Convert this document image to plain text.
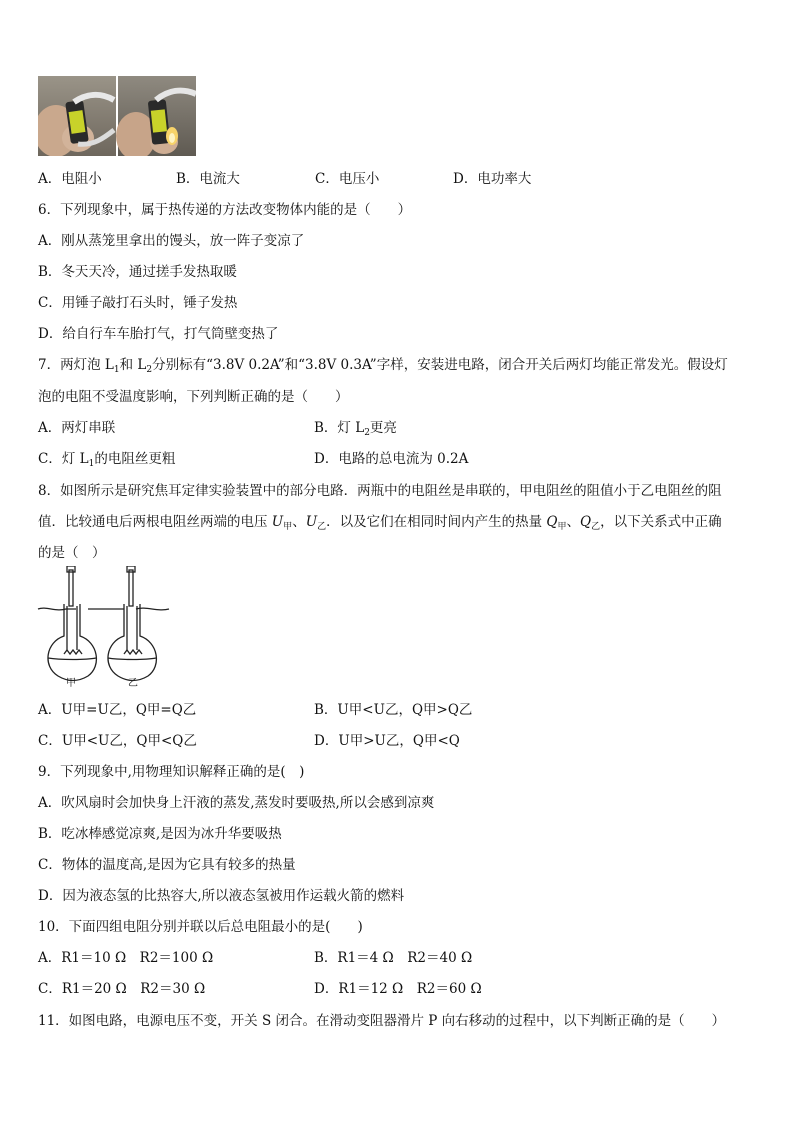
A．电阻小	B．电流大	C．电压小	D．电功率大
6．下列现象中，属于热传递的方法改变物体内能的是（　　）
A．刚从蒸笼里拿出的馒头，放一阵子变凉了
B．冬天天冷，通过搓手发热取暖
C．用锤子敲打石头时，锤子发热
D．给自行车车胎打气，打气筒壁变热了
7．两灯泡 $L_1$和 $L_2$分别标有“3.8V 0.2A”和“3.8V 0.3A”字样，安装进电路，闭合开关后两灯均能正常发光。假设灯
泡的电阻不受温度影响，下列判断正确的是（　　）
A．两灯串联	B．灯 $L_2$更亮
C．灯 $L_1$的电阻丝更粗	D．电路的总电流为 0.2A
8．如图所示是研究焦耳定律实验装置中的部分电路．两瓶中的电阻丝是串联的，甲电阻丝的阻值小于乙电阻丝的阻
值．比较通电后两根电阻丝两端的电压 $U_甲$、$U_乙$．以及它们在相同时间内产生的热量 $Q_甲$、$Q_乙$，以下关系式中正确
的是（　）
甲	乙
A．U甲=U乙，Q甲=Q乙	B．U甲<U乙，Q甲>Q乙
C．U甲<U乙，Q甲<Q乙	D．U甲>U乙，Q甲<Q
9．下列现象中,用物理知识解释正确的是(　)
A．吹风扇时会加快身上汗液的蒸发,蒸发时要吸热,所以会感到凉爽
B．吃冰棒感觉凉爽,是因为冰升华要吸热
C．物体的温度高,是因为它具有较多的热量
D．因为液态氢的比热容大,所以液态氢被用作运载火箭的燃料
10．下面四组电阻分别并联以后总电阻最小的是(　　)
A．R1＝10 Ω　R2＝100 Ω	B．R1＝4 Ω　R2＝40 Ω
C．R1＝20 Ω　R2＝30 Ω	D．R1＝12 Ω　R2＝60 Ω
11．如图电路，电源电压不变，开关 S 闭合。在滑动变阻器滑片 P 向右移动的过程中，以下判断正确的是（　　）
